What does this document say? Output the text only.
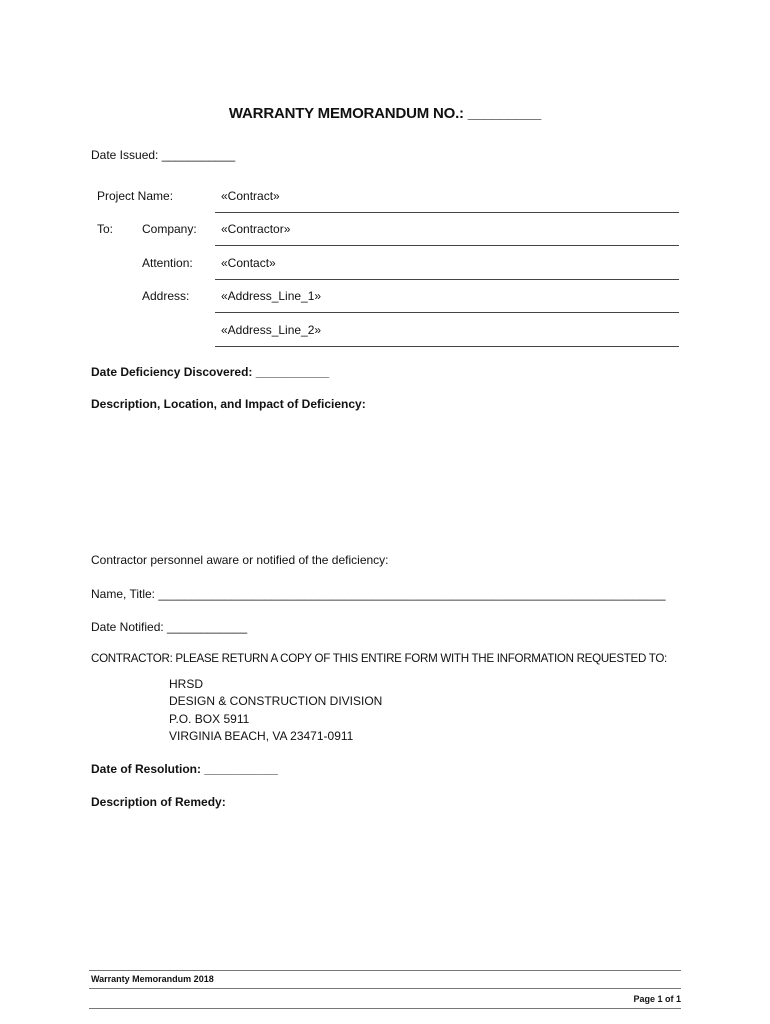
WARRANTY MEMORANDUM NO.: _________
Date Issued: ___________
Project Name:	«Contract»
To: Company: «Contractor»
Attention: «Contact»
Address:	«Address_Line_1»
«Address_Line_2»
Date Deficiency Discovered: ___________
Description, Location, and Impact of Deficiency:
Contractor personnel aware or notified of the deficiency:
Name, Title: ____________________________________________________________________________
Date Notified: ____________
CONTRACTOR: PLEASE RETURN A COPY OF THIS ENTIRE FORM WITH THE INFORMATION REQUESTED TO:
HRSD
DESIGN & CONSTRUCTION DIVISION
P.O. BOX 5911
VIRGINIA BEACH, VA 23471-0911
Date of Resolution: ___________
Description of Remedy:
Warranty Memorandum 2018
Page 1 of 1
